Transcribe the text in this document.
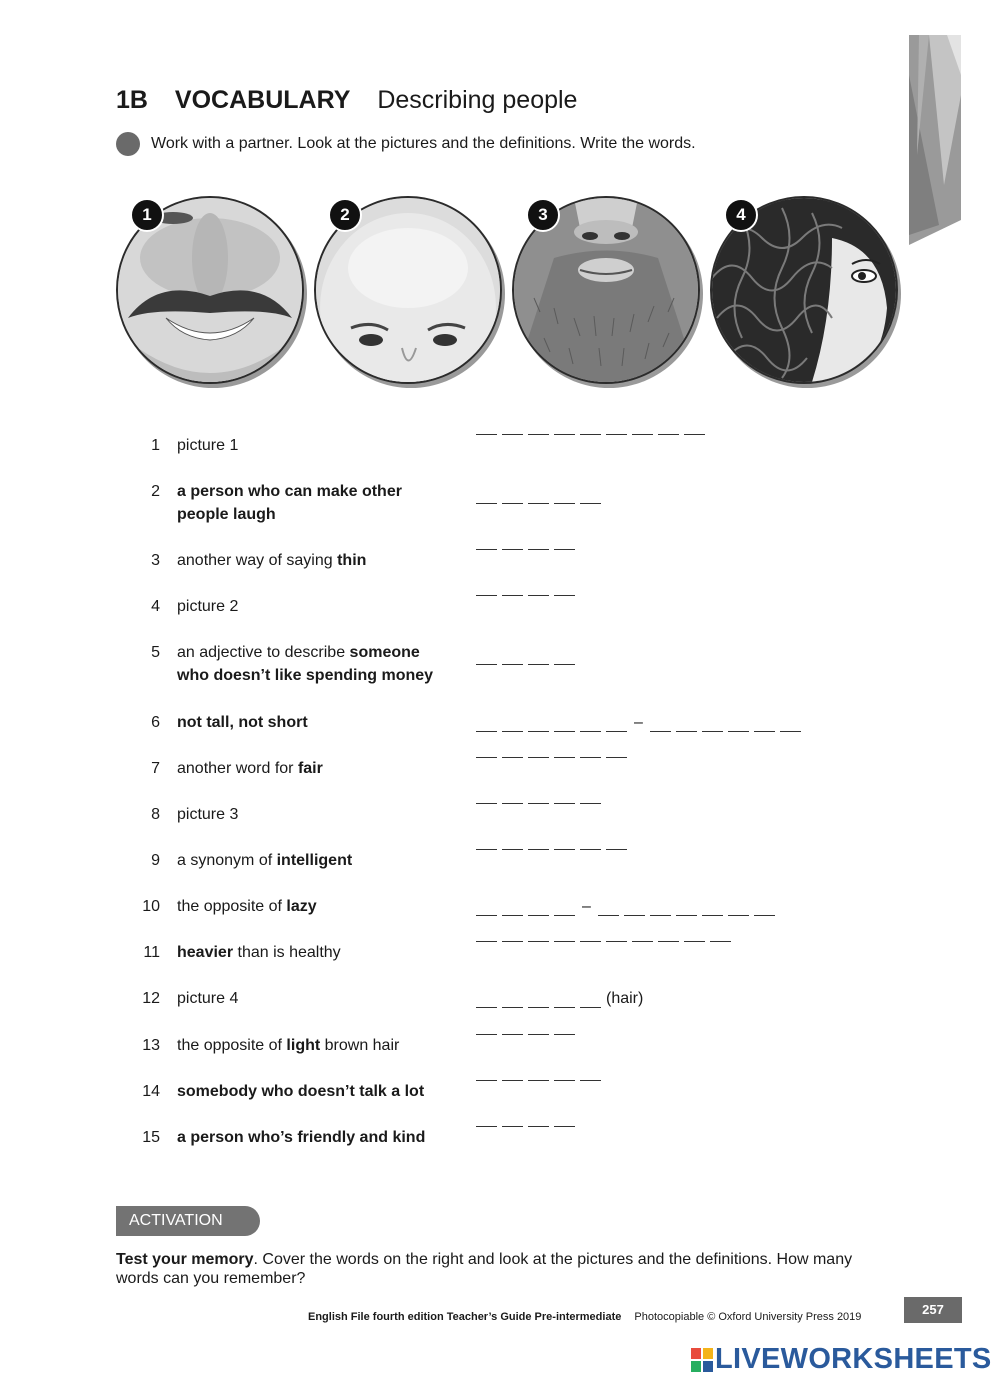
1B VOCABULARY Describing people
Work with a partner. Look at the pictures and the definitions. Write the words.
1	2	3	4
1 picture 1
2 a person who can make other people laugh
3 another way of saying thin
4 picture 2
5 an adjective to describe someone who doesn’t like spending money
6 not tall, not short	–
7 another word for fair
8 picture 3
9 a synonym of intelligent
10 the opposite of lazy	–
11 heavier than is healthy
12 picture 4	(hair)
13 the opposite of light brown hair
14 somebody who doesn’t talk a lot
15 a person who’s friendly and kind
ACTIVATION
Test your memory. Cover the words on the right and look at the pictures and the definitions. How many words can you remember?
English File fourth edition Teacher’s Guide Pre-intermediate Photocopiable © Oxford University Press 2019	257
LIVEWORKSHEETS
